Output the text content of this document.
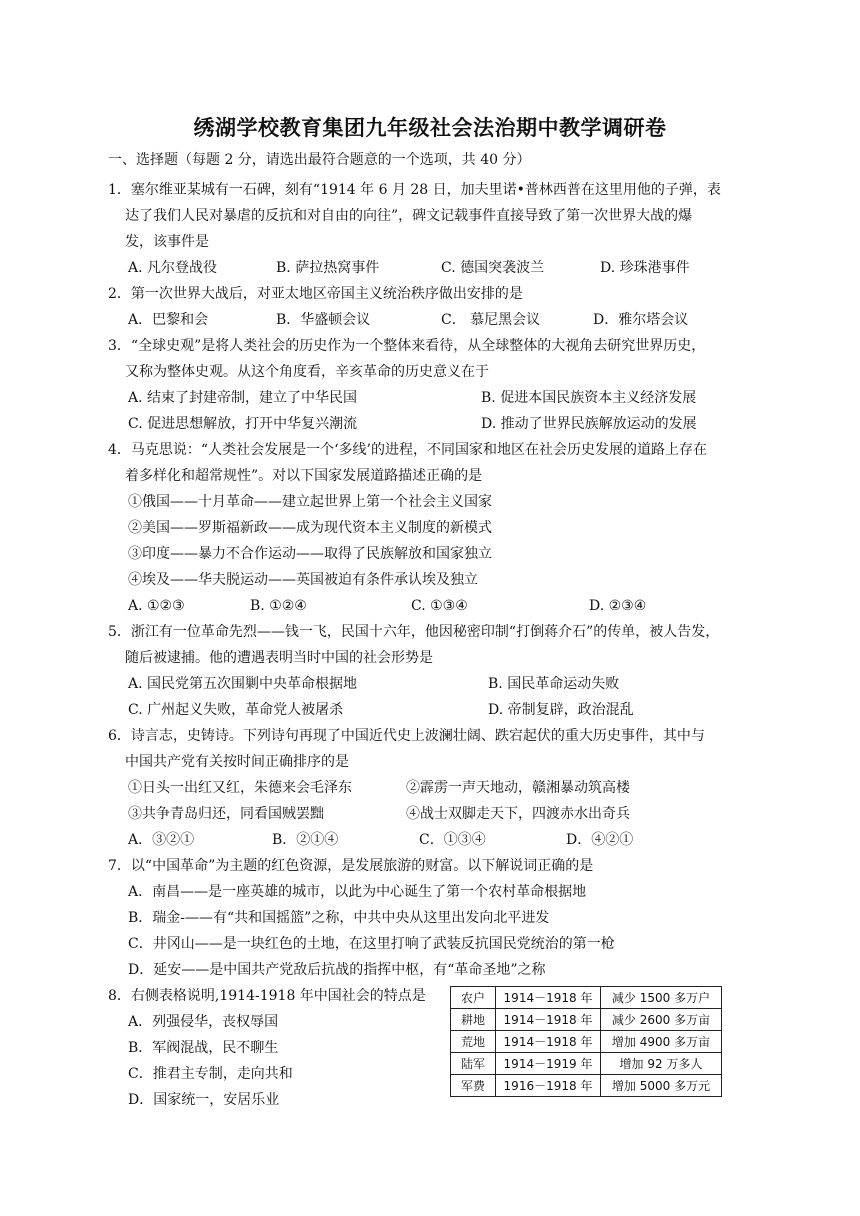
绣湖学校教育集团九年级社会法治期中教学调研卷
一、选择题（每题 2 分，请选出最符合题意的一个选项，共 40 分）
1．塞尔维亚某城有一石碑，刻有“1914 年 6 月 28 日，加夫里诺•普林西普在这里用他的子弹，表
达了我们人民对暴虐的反抗和对自由的向往”，碑文记载事件直接导致了第一次世界大战的爆
发，该事件是
A. 凡尔登战役	B. 萨拉热窝事件	C. 德国突袭波兰	D. 珍珠港事件
2．第一次世界大战后，对亚太地区帝国主义统治秩序做出安排的是
A．巴黎和会	B．华盛顿会议	C． 慕尼黑会议	D．雅尔塔会议
3．“全球史观”是将人类社会的历史作为一个整体来看待，从全球整体的大视角去研究世界历史，
又称为整体史观。从这个角度看，辛亥革命的历史意义在于
A. 结束了封建帝制，建立了中华民国	B. 促进本国民族资本主义经济发展
C. 促进思想解放，打开中华复兴潮流	D. 推动了世界民族解放运动的发展
4．马克思说：“人类社会发展是一个‘多线’的进程，不同国家和地区在社会历史发展的道路上存在
着多样化和超常规性”。对以下国家发展道路描述正确的是
①俄国——十月革命——建立起世界上第一个社会主义国家
②美国——罗斯福新政——成为现代资本主义制度的新模式
③印度——暴力不合作运动——取得了民族解放和国家独立
④埃及——华夫脱运动——英国被迫有条件承认埃及独立
A. ①②③	B. ①②④	C. ①③④	D. ②③④
5．浙江有一位革命先烈——钱一飞，民国十六年，他因秘密印制“打倒蒋介石”的传单，被人告发，
随后被逮捕。他的遭遇表明当时中国的社会形势是
A. 国民党第五次围剿中央革命根据地	B. 国民革命运动失败
C. 广州起义失败，革命党人被屠杀	D. 帝制复辟，政治混乱
6．诗言志，史铸诗。下列诗句再现了中国近代史上波澜壮阔、跌宕起伏的重大历史事件，其中与
中国共产党有关按时间正确排序的是
①日头一出红又红，朱德来会毛泽东	②霹雳一声天地动，赣湘暴动筑高楼
③共争青岛归还，同看国贼罢黜	④战士双脚走天下，四渡赤水出奇兵
A．③②①	B．②①④	C．①③④	D．④②①
7．以“中国革命”为主题的红色资源，是发展旅游的财富。以下解说词正确的是
A．南昌——是一座英雄的城市，以此为中心诞生了第一个农村革命根据地
B．瑞金-——有“共和国摇篮”之称，中共中央从这里出发向北平进发
C．井冈山——是一块红色的土地，在这里打响了武装反抗国民党统治的第一枪
D．延安——是中国共产党敌后抗战的指挥中枢，有“革命圣地”之称
8．右侧表格说明,1914-1918 年中国社会的特点是
A．列强侵华，丧权辱国
B．军阀混战，民不聊生
C．推君主专制，走向共和
D．国家统一，安居乐业
农户	1914－1918 年	减少 1500 多万户
耕地	1914－1918 年	减少 2600 多万亩
荒地	1914－1918 年	增加 4900 多万亩
陆军	1914－1919 年	增加 92 万多人
军费	1916－1918 年	增加 5000 多万元
